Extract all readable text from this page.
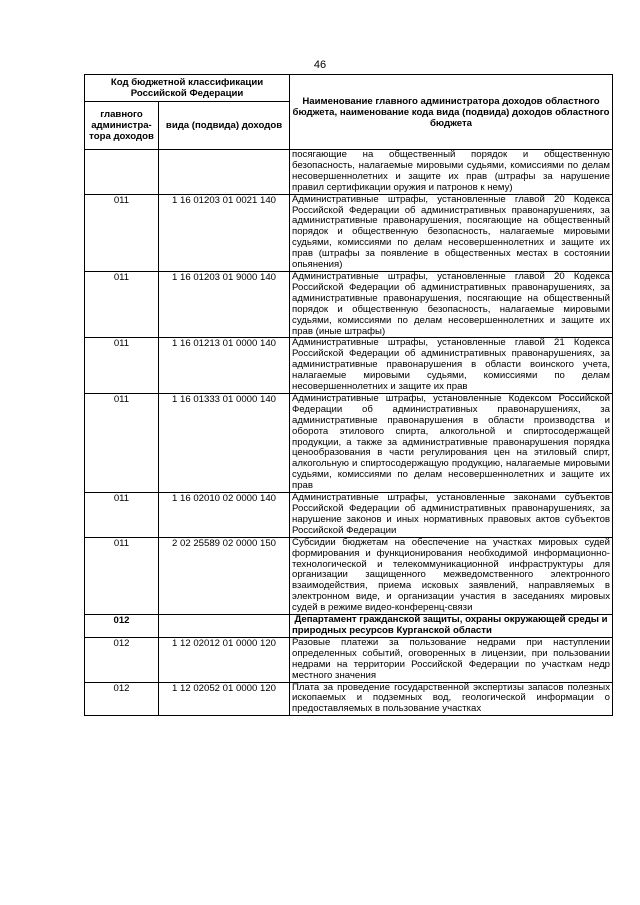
46
Код бюджетной классификации Российской Федерации		Наименование главного администратора доходов областного бюджета, наименование кода вида (подвида) доходов областного бюджета
главного администра-тора доходов	вида (подвида) доходов	
		посягающие на общественный порядок и общественную безопасность, налагаемые мировыми судьями, комиссиями по делам несовершеннолетних и защите их прав (штрафы за нарушение правил сертификации оружия и патронов к нему)
011	1 16 01203 01 0021 140	Административные штрафы, установленные главой 20 Кодекса Российской Федерации об административных правонарушениях, за административные правонарушения, посягающие на общественный порядок и общественную безопасность, налагаемые мировыми судьями, комиссиями по делам несовершеннолетних и защите их прав (штрафы за появление в общественных местах в состоянии опьянения)
011	1 16 01203 01 9000 140	Административные штрафы, установленные главой 20 Кодекса Российской Федерации об административных правонарушениях, за административные правонарушения, посягающие на общественный порядок и общественную безопасность, налагаемые мировыми судьями, комиссиями по делам несовершеннолетних и защите их прав (иные штрафы)
011	1 16 01213 01 0000 140	Административные штрафы, установленные главой 21 Кодекса Российской Федерации об административных правонарушениях, за административные правонарушения в области воинского учета, налагаемые мировыми судьями, комиссиями по делам несовершеннолетних и защите их прав
011	1 16 01333 01 0000 140	Административные штрафы, установленные Кодексом Российской Федерации об административных правонарушениях, за административные правонарушения в области производства и оборота этилового спирта, алкогольной и спиртосодержащей продукции, а также за административные правонарушения порядка ценообразования в части регулирования цен на этиловый спирт, алкогольную и спиртосодержащую продукцию, налагаемые мировыми судьями, комиссиями по делам несовершеннолетних и защите их прав
011	1 16 02010 02 0000 140	Административные штрафы, установленные законами субъектов Российской Федерации об административных правонарушениях, за нарушение законов и иных нормативных правовых актов субъектов Российской Федерации
011	2 02 25589 02 0000 150	Субсидии бюджетам на обеспечение на участках мировых судей формирования и функционирования необходимой информационно-технологической и телекоммуникационной инфраструктуры для организации защищенного межведомственного электронного взаимодействия, приема исковых заявлений, направляемых в электронном виде, и организации участия в заседаниях мировых судей в режиме видео-конференц-связи
012		Департамент гражданской защиты, охраны окружающей среды и природных ресурсов Курганской области
012	1 12 02012 01 0000 120	Разовые платежи за пользование недрами при наступлении определенных событий, оговоренных в лицензии, при пользовании недрами на территории Российской Федерации по участкам недр местного значения
012	1 12 02052 01 0000 120	Плата за проведение государственной экспертизы запасов полезных ископаемых и подземных вод, геологической информации о предоставляемых в пользование участках
